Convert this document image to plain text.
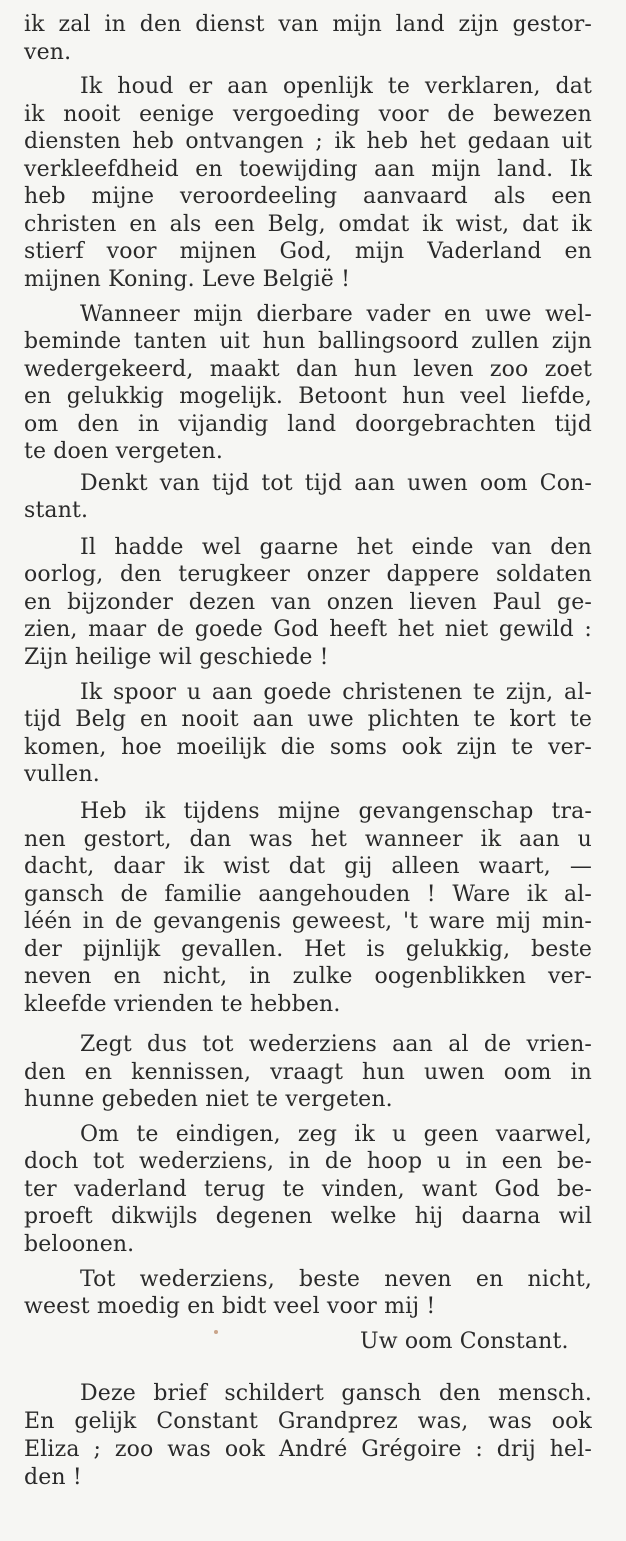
ik zal in den dienst van mijn land zijn gestor-
ven.
Ik houd er aan openlijk te verklaren, dat
ik nooit eenige vergoeding voor de bewezen
diensten heb ontvangen ; ik heb het gedaan uit
verkleefdheid en toewijding aan mijn land. Ik
heb mijne veroordeeling aanvaard als een
christen en als een Belg, omdat ik wist, dat ik
stierf voor mijnen God, mijn Vaderland en
mijnen Koning. Leve België !
Wanneer mijn dierbare vader en uwe wel-
beminde tanten uit hun ballingsoord zullen zijn
wedergekeerd, maakt dan hun leven zoo zoet
en gelukkig mogelijk. Betoont hun veel liefde,
om den in vijandig land doorgebrachten tijd
te doen vergeten.
Denkt van tijd tot tijd aan uwen oom Con-
stant.
Il hadde wel gaarne het einde van den
oorlog, den terugkeer onzer dappere soldaten
en bijzonder dezen van onzen lieven Paul ge-
zien, maar de goede God heeft het niet gewild :
Zijn heilige wil geschiede !
Ik spoor u aan goede christenen te zijn, al-
tijd Belg en nooit aan uwe plichten te kort te
komen, hoe moeilijk die soms ook zijn te ver-
vullen.
Heb ik tijdens mijne gevangenschap tra-
nen gestort, dan was het wanneer ik aan u
dacht, daar ik wist dat gij alleen waart, —
gansch de familie aangehouden ! Ware ik al-
léén in de gevangenis geweest, 't ware mij min-
der pijnlijk gevallen. Het is gelukkig, beste
neven en nicht, in zulke oogenblikken ver-
kleefde vrienden te hebben.
Zegt dus tot wederziens aan al de vrien-
den en kennissen, vraagt hun uwen oom in
hunne gebeden niet te vergeten.
Om te eindigen, zeg ik u geen vaarwel,
doch tot wederziens, in de hoop u in een be-
ter vaderland terug te vinden, want God be-
proeft dikwijls degenen welke hij daarna wil
beloonen.
Tot wederziens, beste neven en nicht,
weest moedig en bidt veel voor mij !
Uw oom Constant.
Deze brief schildert gansch den mensch.
En gelijk Constant Grandprez was, was ook
Eliza ; zoo was ook André Grégoire : drij hel-
den !
